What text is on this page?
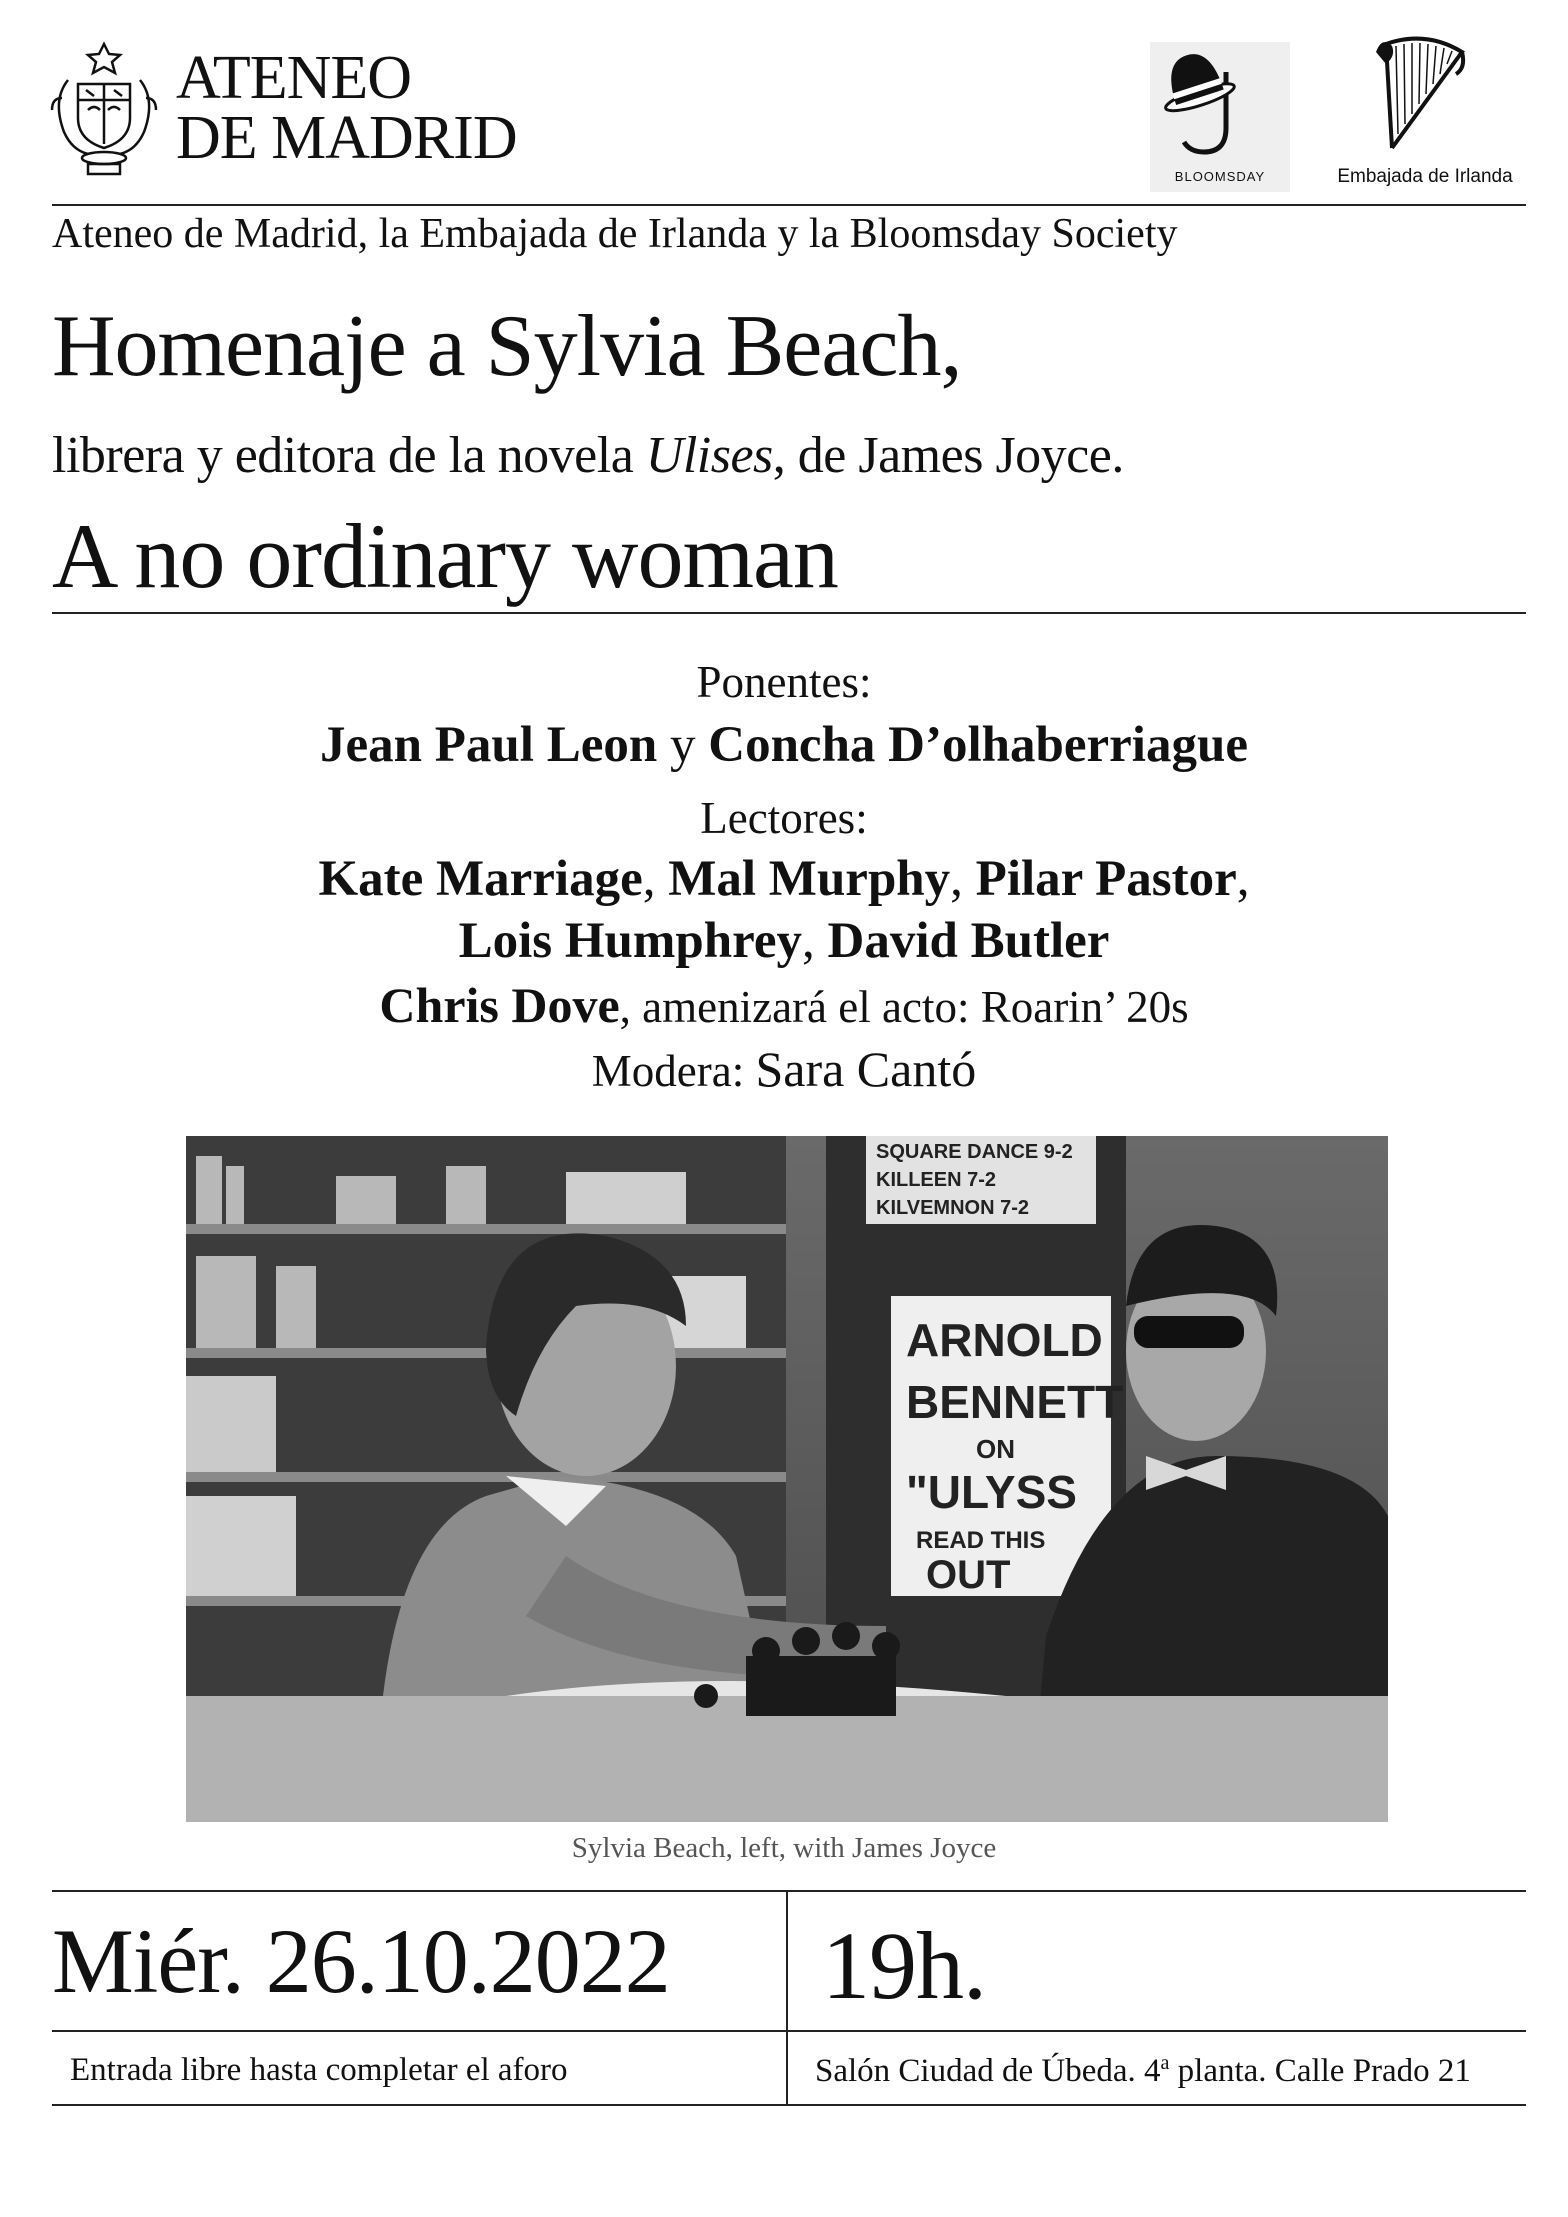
ATENEO
DE MADRID
BLOOMSDAY	Embajada de Irlanda
Ateneo de Madrid, la Embajada de Irlanda y la Bloomsday Society
Homenaje a Sylvia Beach,
librera y editora de la novela Ulises, de James Joyce.
A no ordinary woman
Ponentes:
Jean Paul Leon y Concha D’olhaberriague
Lectores:
Kate Marriage, Mal Murphy, Pilar Pastor,
Lois Humphrey, David Butler
Chris Dove, amenizará el acto: Roarin’ 20s
Modera: Sara Cantó
SQUARE DANCE 9-2
KILLEEN 7-2
KILVEMNON 7-2
ARNOLD
BENNETT
ON
"ULYSS
READ THIS
OUT
Sylvia Beach, left, with James Joyce
Miér. 26.10.2022 19h.
Entrada libre hasta completar el aforo	Salón Ciudad de Úbeda. 4$^a$ planta. Calle Prado 21
